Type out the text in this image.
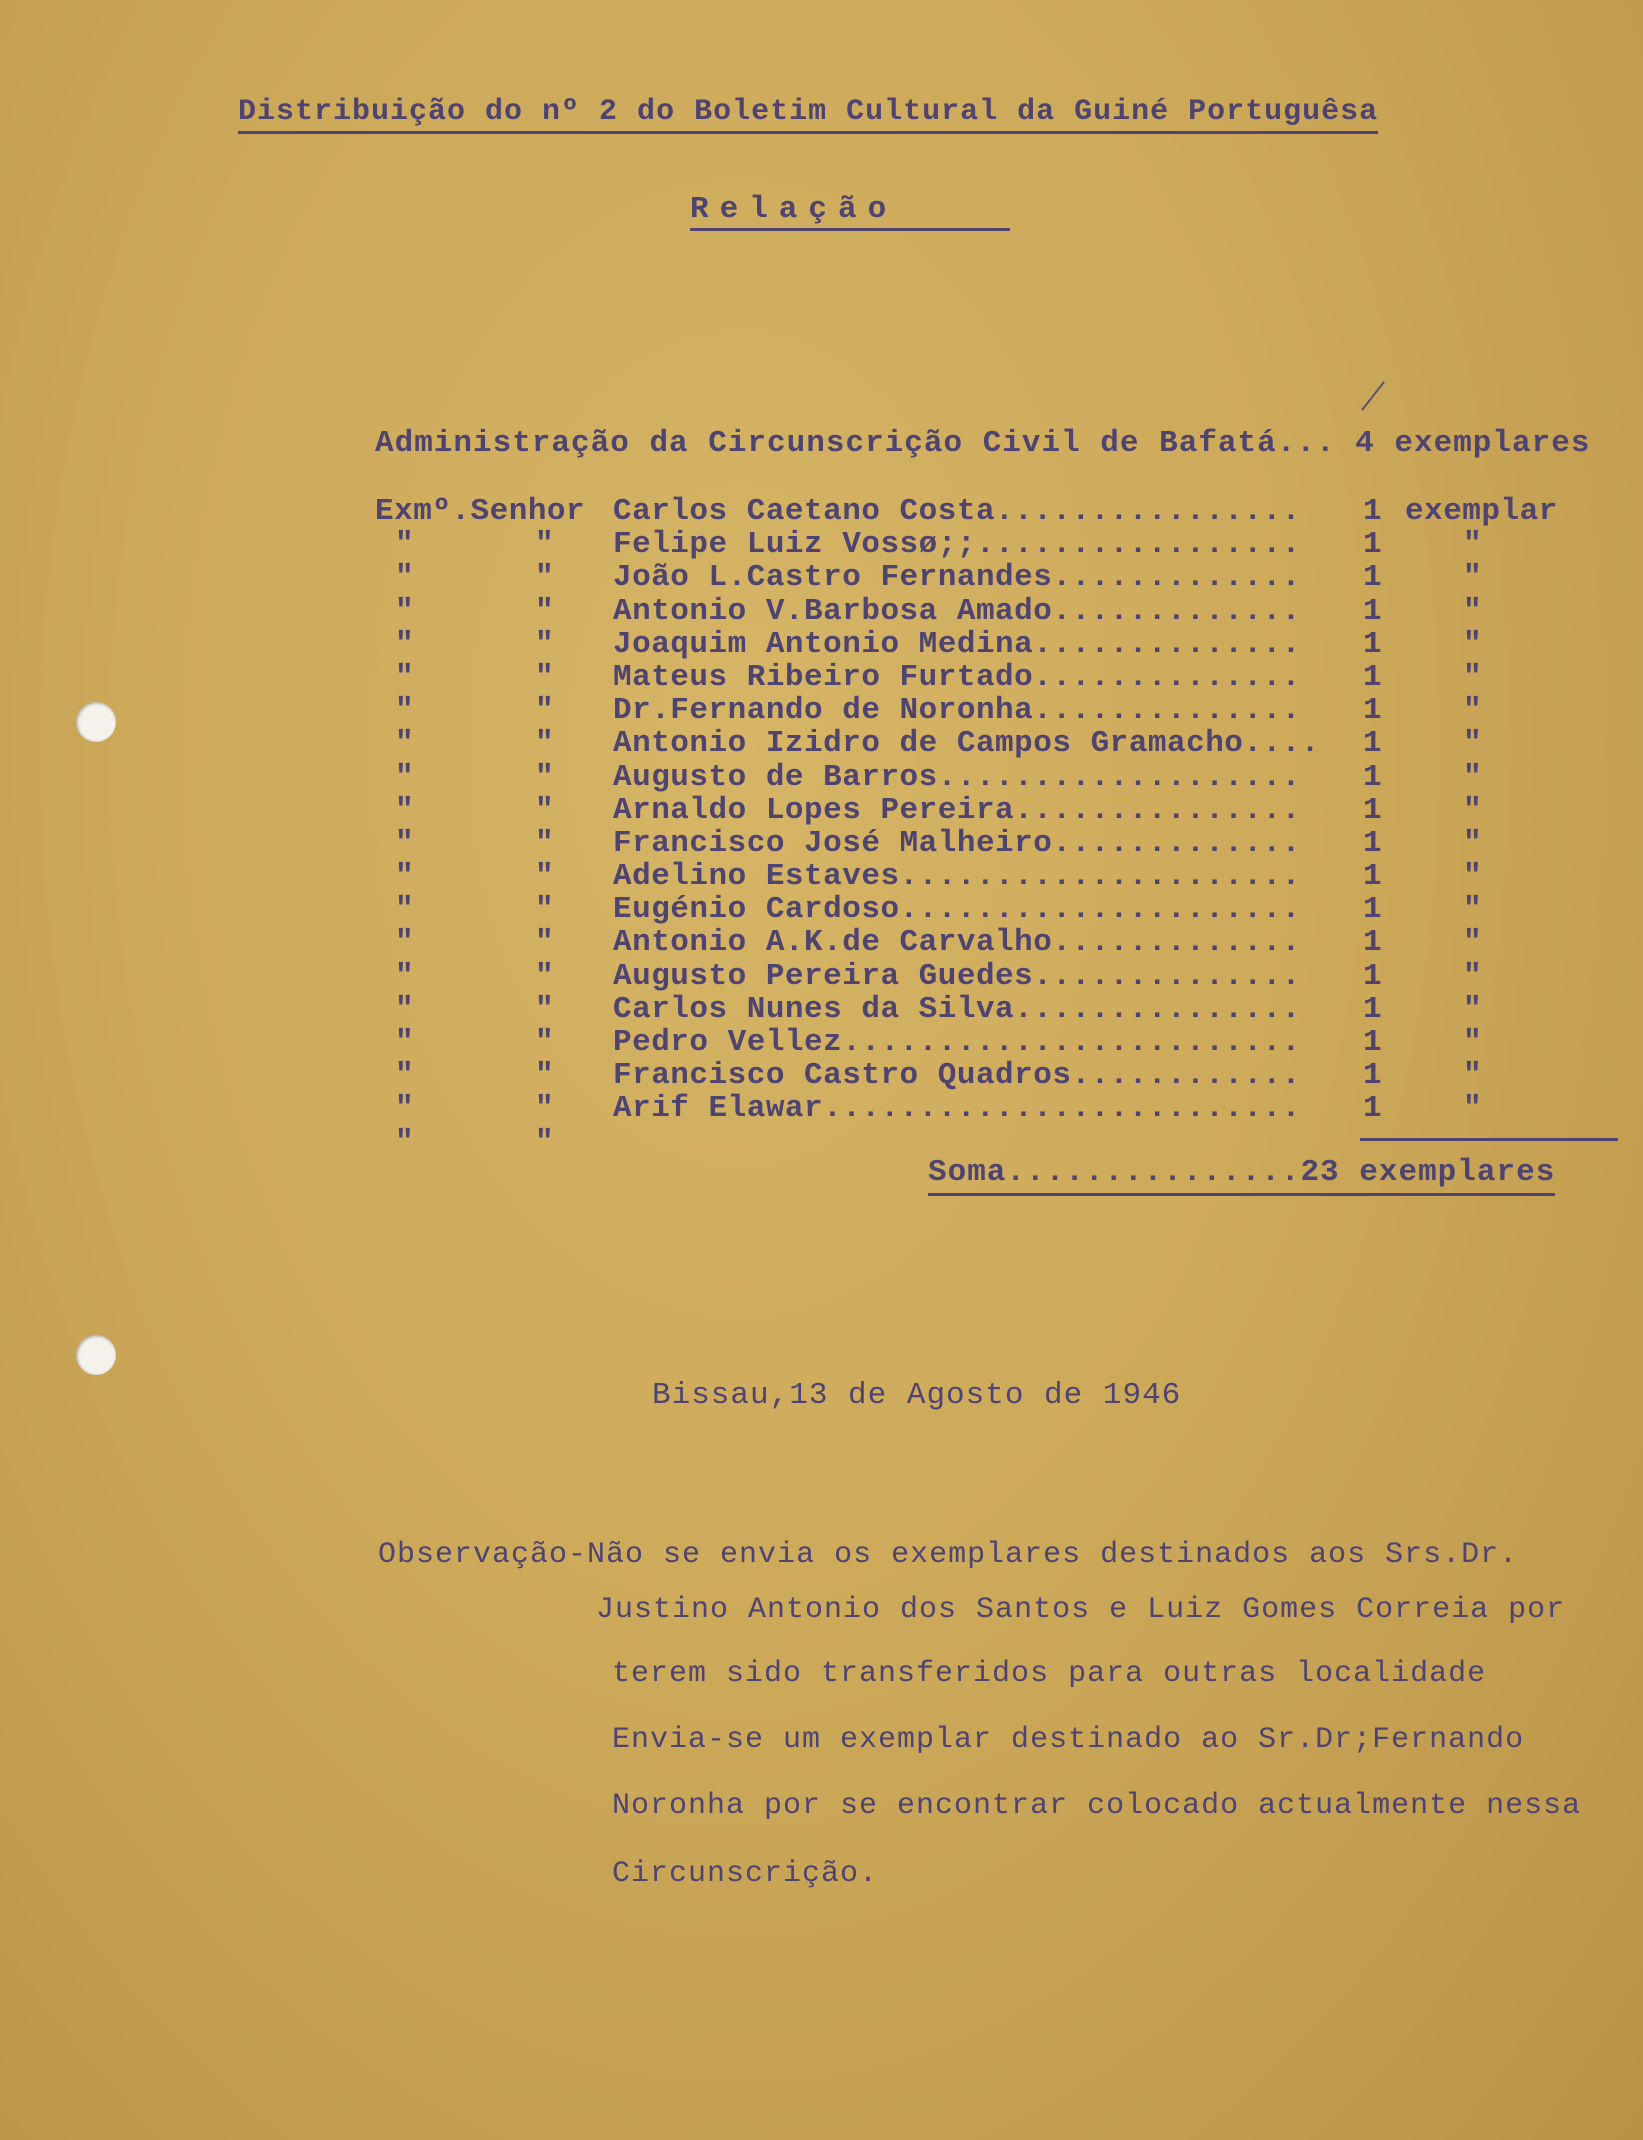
Distribuição do nº 2 do Boletim Cultural da Guiné Portuguêsa
Relação
Administração da Circunscrição Civil de Bafatá... 4 exemplares
Exmº.Senhor Carlos Caetano Costa................ 1 exemplar
"	" Felipe Luiz Vossø;;................. 1	"
"	" João L.Castro Fernandes............. 1	"
"	" Antonio V.Barbosa Amado............. 1	"
"	" Joaquim Antonio Medina.............. 1	"
"	" Mateus Ribeiro Furtado.............. 1	"
"	" Dr.Fernando de Noronha.............. 1	"
"	" Antonio Izidro de Campos Gramacho.... 1	"
"	" Augusto de Barros................... 1	"
"	" Arnaldo Lopes Pereira............... 1	"
"	" Francisco José Malheiro............. 1	"
"	" Adelino Estaves..................... 1	"
"	" Eugénio Cardoso..................... 1	"
"	" Antonio A.K.de Carvalho............. 1	"
"	" Augusto Pereira Guedes.............. 1	"
"	" Carlos Nunes da Silva............... 1	"
"	" Pedro Vellez........................ 1	"
"	" Francisco Castro Quadros............ 1	"
"	" Arif Elawar......................... 1	"
"	"
Soma...............23 exemplares
Bissau,13 de Agosto de 1946
Observação-Não se envia os exemplares destinados aos Srs.Dr.
Justino Antonio dos Santos e Luiz Gomes Correia por
terem sido transferidos para outras localidade
Envia-se um exemplar destinado ao Sr.Dr;Fernando
Noronha por se encontrar colocado actualmente nessa
Circunscrição.
